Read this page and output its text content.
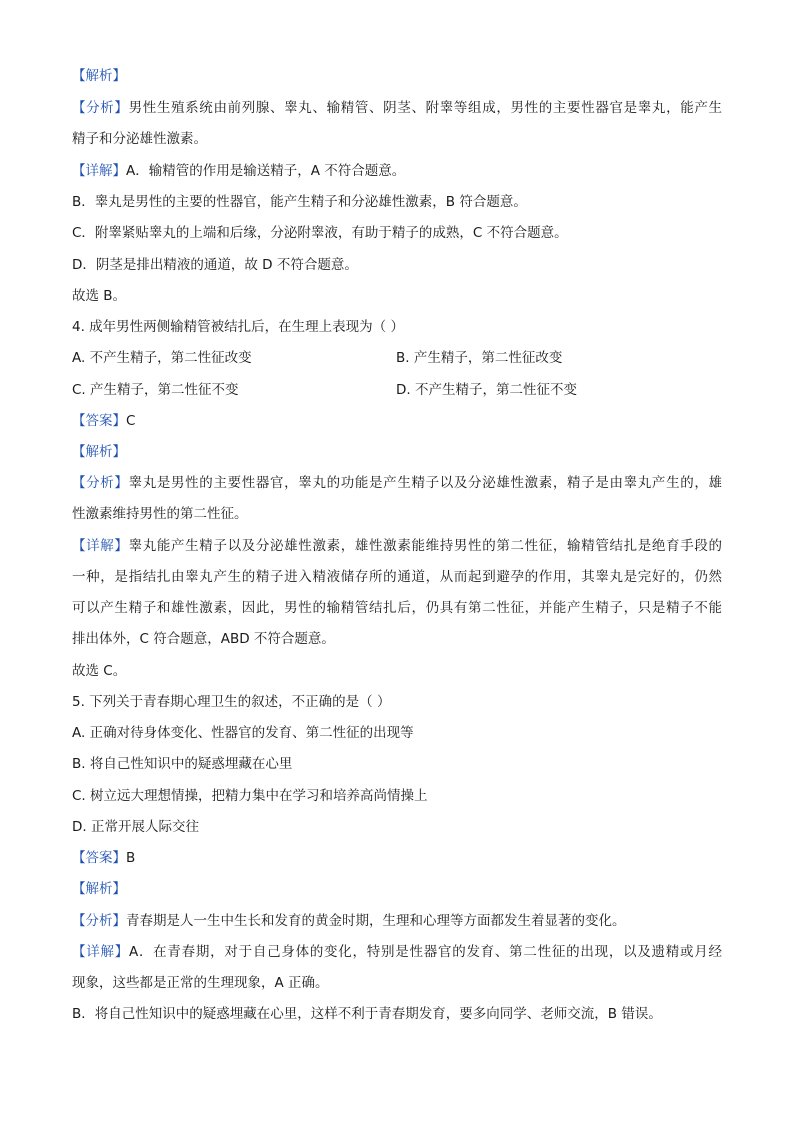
【解析】
【分析】男性生殖系统由前列腺、睾丸、输精管、阴茎、附睾等组成，男性的主要性器官是睾丸，能产生
精子和分泌雄性激素。
【详解】A．输精管的作用是输送精子，A 不符合题意。
B．睾丸是男性的主要的性器官，能产生精子和分泌雄性激素，B 符合题意。
C．附睾紧贴睾丸的上端和后缘，分泌附睾液，有助于精子的成熟，C 不符合题意。
D．阴茎是排出精液的通道，故 D 不符合题意。
故选 B。
4. 成年男性两侧输精管被结扎后，在生理上表现为（ ）
A. 不产生精子，第二性征改变	B. 产生精子，第二性征改变
C. 产生精子，第二性征不变	D. 不产生精子，第二性征不变
【答案】C
【解析】
【分析】睾丸是男性的主要性器官，睾丸的功能是产生精子以及分泌雄性激素，精子是由睾丸产生的，雄
性激素维持男性的第二性征。
【详解】睾丸能产生精子以及分泌雄性激素，雄性激素能维持男性的第二性征，输精管结扎是绝育手段的
一种，是指结扎由睾丸产生的精子进入精液储存所的通道，从而起到避孕的作用，其睾丸是完好的，仍然
可以产生精子和雄性激素，因此，男性的输精管结扎后，仍具有第二性征，并能产生精子，只是精子不能
排出体外，C 符合题意，ABD 不符合题意。
故选 C。
5. 下列关于青春期心理卫生的叙述，不正确的是（ ）
A. 正确对待身体变化、性器官的发育、第二性征的出现等
B. 将自己性知识中的疑惑埋藏在心里
C. 树立远大理想情操，把精力集中在学习和培养高尚情操上
D. 正常开展人际交往
【答案】B
【解析】
【分析】青春期是人一生中生长和发育的黄金时期，生理和心理等方面都发生着显著的变化。
【详解】A．在青春期，对于自己身体的变化，特别是性器官的发育、第二性征的出现，以及遗精或月经
现象，这些都是正常的生理现象，A 正确。
B．将自己性知识中的疑惑埋藏在心里，这样不利于青春期发育，要多向同学、老师交流，B 错误。
